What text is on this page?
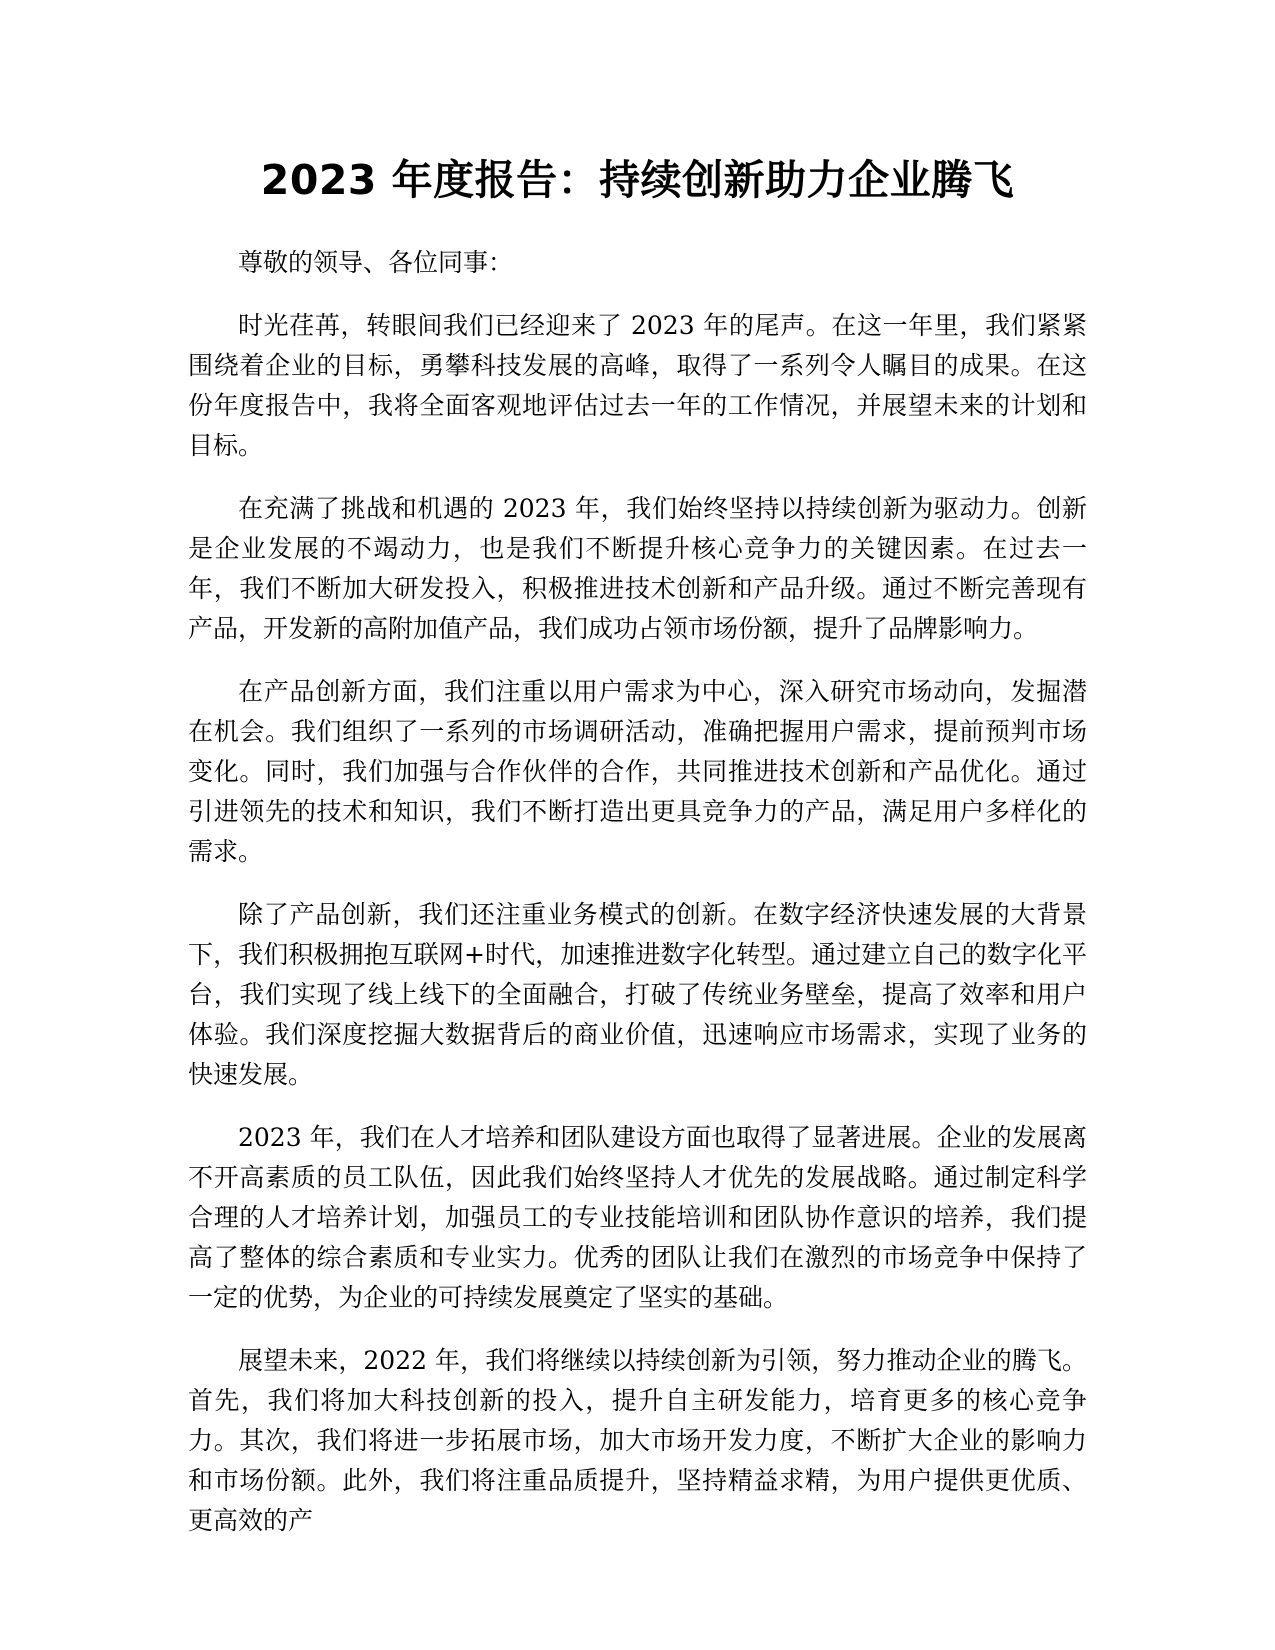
2023 年度报告：持续创新助力企业腾飞

尊敬的领导、各位同事：

时光荏苒，转眼间我们已经迎来了 2023 年的尾声。在这一年里，我们紧紧围绕着企业的目标，勇攀科技发展的高峰，取得了一系列令人瞩目的成果。在这份年度报告中，我将全面客观地评估过去一年的工作情况，并展望未来的计划和目标。

在充满了挑战和机遇的 2023 年，我们始终坚持以持续创新为驱动力。创新是企业发展的不竭动力，也是我们不断提升核心竞争力的关键因素。在过去一年，我们不断加大研发投入，积极推进技术创新和产品升级。通过不断完善现有产品，开发新的高附加值产品，我们成功占领市场份额，提升了品牌影响力。

在产品创新方面，我们注重以用户需求为中心，深入研究市场动向，发掘潜在机会。我们组织了一系列的市场调研活动，准确把握用户需求，提前预判市场变化。同时，我们加强与合作伙伴的合作，共同推进技术创新和产品优化。通过引进领先的技术和知识，我们不断打造出更具竞争力的产品，满足用户多样化的需求。

除了产品创新，我们还注重业务模式的创新。在数字经济快速发展的大背景下，我们积极拥抱互联网+时代，加速推进数字化转型。通过建立自己的数字化平台，我们实现了线上线下的全面融合，打破了传统业务壁垒，提高了效率和用户体验。我们深度挖掘大数据背后的商业价值，迅速响应市场需求，实现了业务的快速发展。

2023 年，我们在人才培养和团队建设方面也取得了显著进展。企业的发展离不开高素质的员工队伍，因此我们始终坚持人才优先的发展战略。通过制定科学合理的人才培养计划，加强员工的专业技能培训和团队协作意识的培养，我们提高了整体的综合素质和专业实力。优秀的团队让我们在激烈的市场竞争中保持了一定的优势，为企业的可持续发展奠定了坚实的基础。

展望未来，2022 年，我们将继续以持续创新为引领，努力推动企业的腾飞。首先，我们将加大科技创新的投入，提升自主研发能力，培育更多的核心竞争力。其次，我们将进一步拓展市场，加大市场开发力度，不断扩大企业的影响力和市场份额。此外，我们将注重品质提升，坚持精益求精，为用户提供更优质、更高效的产
